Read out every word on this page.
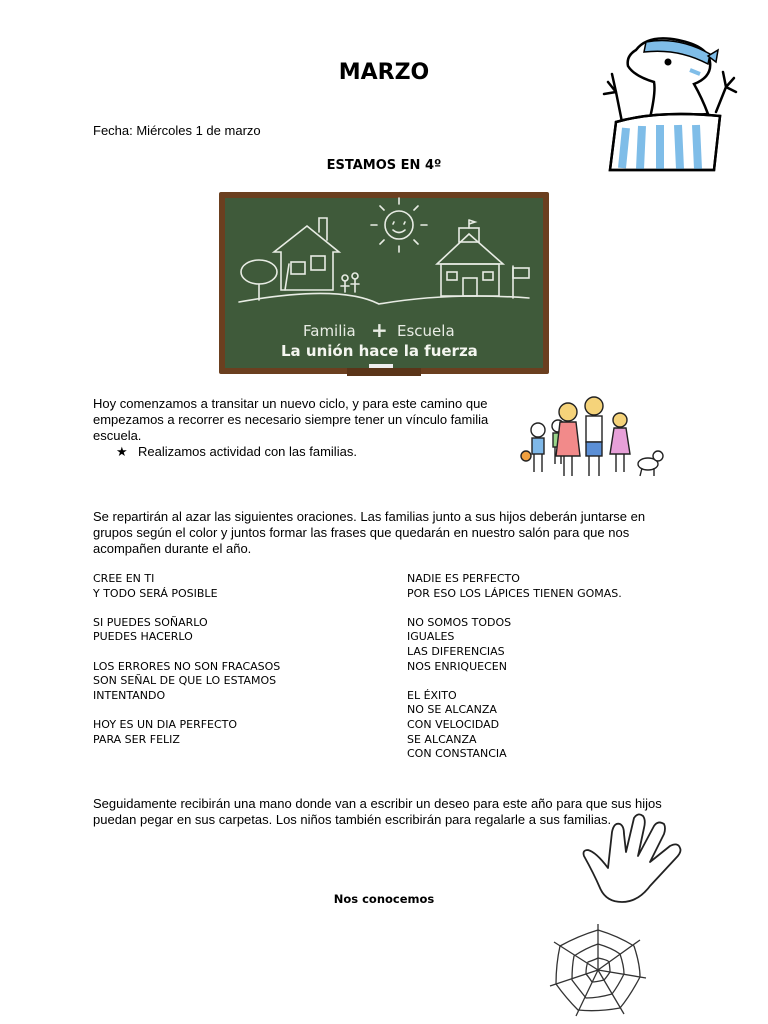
MARZO
Fecha: Miércoles 1 de marzo
ESTAMOS EN 4º
Familia + Escuela
La unión hace la fuerza
Hoy comenzamos a transitar un nuevo ciclo, y para este camino que empezamos a recorrer es necesario siempre tener un vínculo familia escuela.
★ Realizamos actividad con las familias.
Se repartirán al azar las siguientes oraciones. Las familias junto a sus hijos deberán juntarse en grupos según el color y juntos formar las frases que quedarán en nuestro salón para que nos acompañen durante el año.
CREE EN TI
Y TODO SERÁ POSIBLE
SI PUEDES SOÑARLO
PUEDES HACERLO
LOS ERRORES NO SON FRACASOS
SON SEÑAL DE QUE LO ESTAMOS
INTENTANDO
HOY ES UN DIA PERFECTO
PARA SER FELIZ
NADIE ES PERFECTO
POR ESO LOS LÁPICES TIENEN GOMAS.
NO SOMOS TODOS
IGUALES
LAS DIFERENCIAS
NOS ENRIQUECEN
EL ÉXITO
NO SE ALCANZA
CON VELOCIDAD
SE ALCANZA
CON CONSTANCIA
Seguidamente recibirán una mano donde van a escribir un deseo para este año para que sus hijos puedan pegar en sus carpetas. Los niños también escribirán para regalarle a sus familias.
Nos conocemos
